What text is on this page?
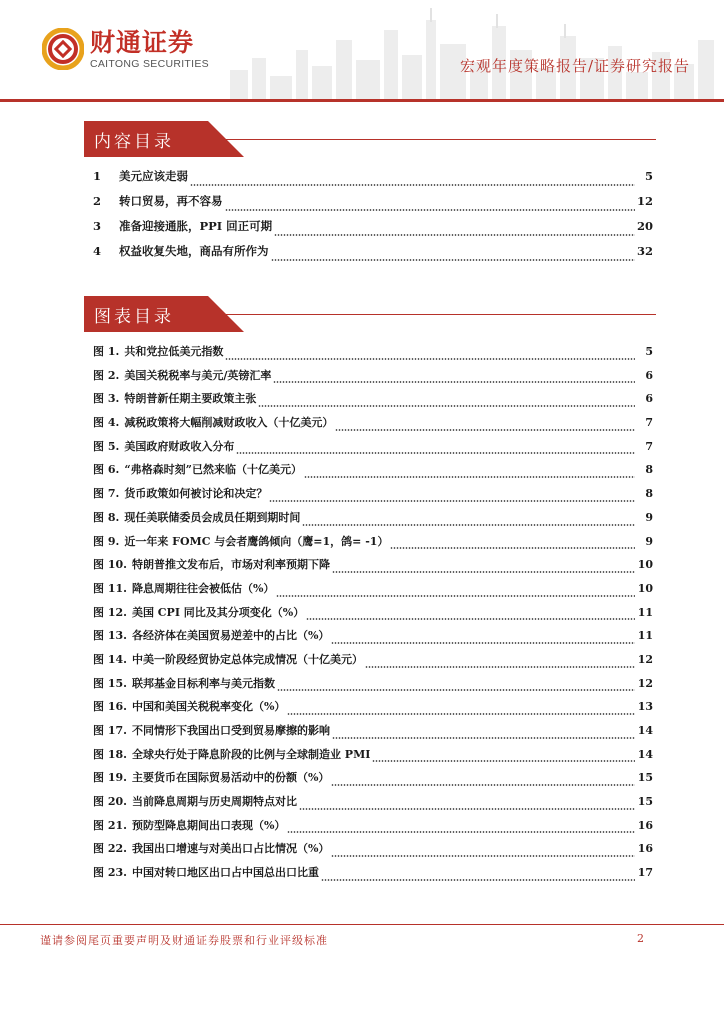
财通证券
CAITONG SECURITIES	宏观年度策略报告/证券研究报告
内容目录
1	美元应该走弱	5
2	转口贸易，再不容易	12
3	准备迎接通胀，PPI 回正可期	20
4	权益收复失地，商品有所作为	32
图表目录
图 1. 共和党拉低美元指数	5
图 2. 美国关税税率与美元/英镑汇率	6
图 3. 特朗普新任期主要政策主张	6
图 4. 减税政策将大幅削减财政收入（十亿美元）	7
图 5. 美国政府财政收入分布	7
图 6. “弗格森时刻”已然来临（十亿美元）	8
图 7. 货币政策如何被讨论和决定？	8
图 8. 现任美联储委员会成员任期到期时间	9
图 9. 近一年来 FOMC 与会者鹰鸽倾向（鹰=1，鸽= -1）	9
图 10. 特朗普推文发布后，市场对利率预期下降	10
图 11. 降息周期往往会被低估（%）	10
图 12. 美国 CPI 同比及其分项变化（%）	11
图 13. 各经济体在美国贸易逆差中的占比（%）	11
图 14. 中美一阶段经贸协定总体完成情况（十亿美元）	12
图 15. 联邦基金目标利率与美元指数	12
图 16. 中国和美国关税税率变化（%）	13
图 17. 不同情形下我国出口受到贸易摩擦的影响	14
图 18. 全球央行处于降息阶段的比例与全球制造业 PMI	14
图 19. 主要货币在国际贸易活动中的份额（%）	15
图 20. 当前降息周期与历史周期特点对比	15
图 21. 预防型降息期间出口表现（%）	16
图 22. 我国出口增速与对美出口占比情况（%）	16
图 23. 中国对转口地区出口占中国总出口比重	17
谨请参阅尾页重要声明及财通证券股票和行业评级标准	2
